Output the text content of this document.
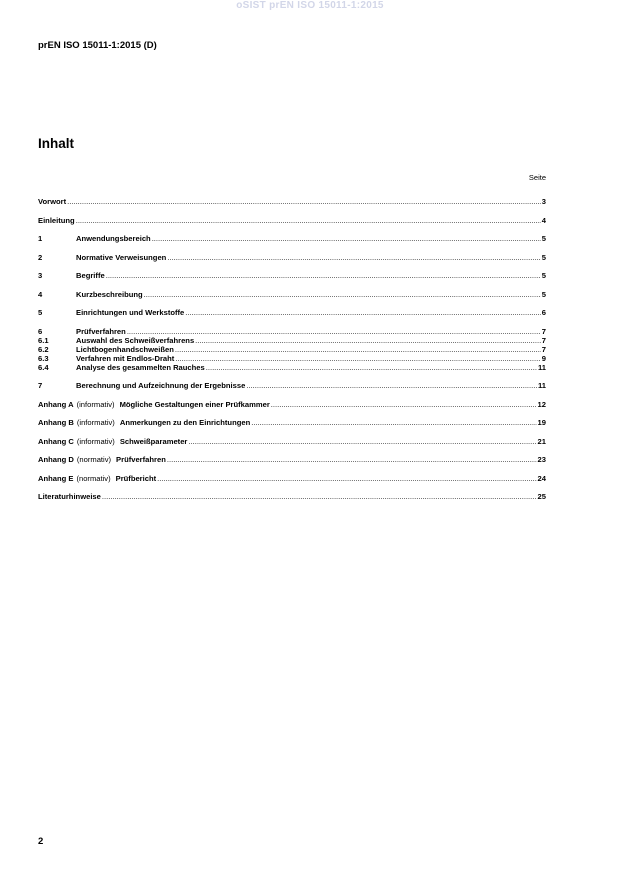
oSIST prEN ISO 15011-1:2015
prEN ISO 15011-1:2015 (D)
Inhalt
Seite
Vorwort .....	3
Einleitung .....	4
1	Anwendungsbereich .....	5
2	Normative Verweisungen .....	5
3	Begriffe .....	5
4	Kurzbeschreibung .....	5
5	Einrichtungen und Werkstoffe .....	6
6	Prüfverfahren .....	7
6.1	Auswahl des Schweißverfahrens .....	7
6.2	Lichtbogenhandschweißen .....	7
6.3	Verfahren mit Endlos-Draht .....	9
6.4	Analyse des gesammelten Rauches .....	11
7	Berechnung und Aufzeichnung der Ergebnisse .....	11
Anhang A (informativ) Mögliche Gestaltungen einer Prüfkammer .....	12
Anhang B (informativ) Anmerkungen zu den Einrichtungen .....	19
Anhang C (informativ) Schweißparameter .....	21
Anhang D (normativ) Prüfverfahren .....	23
Anhang E (normativ) Prüfbericht .....	24
Literaturhinweise .....	25
2
